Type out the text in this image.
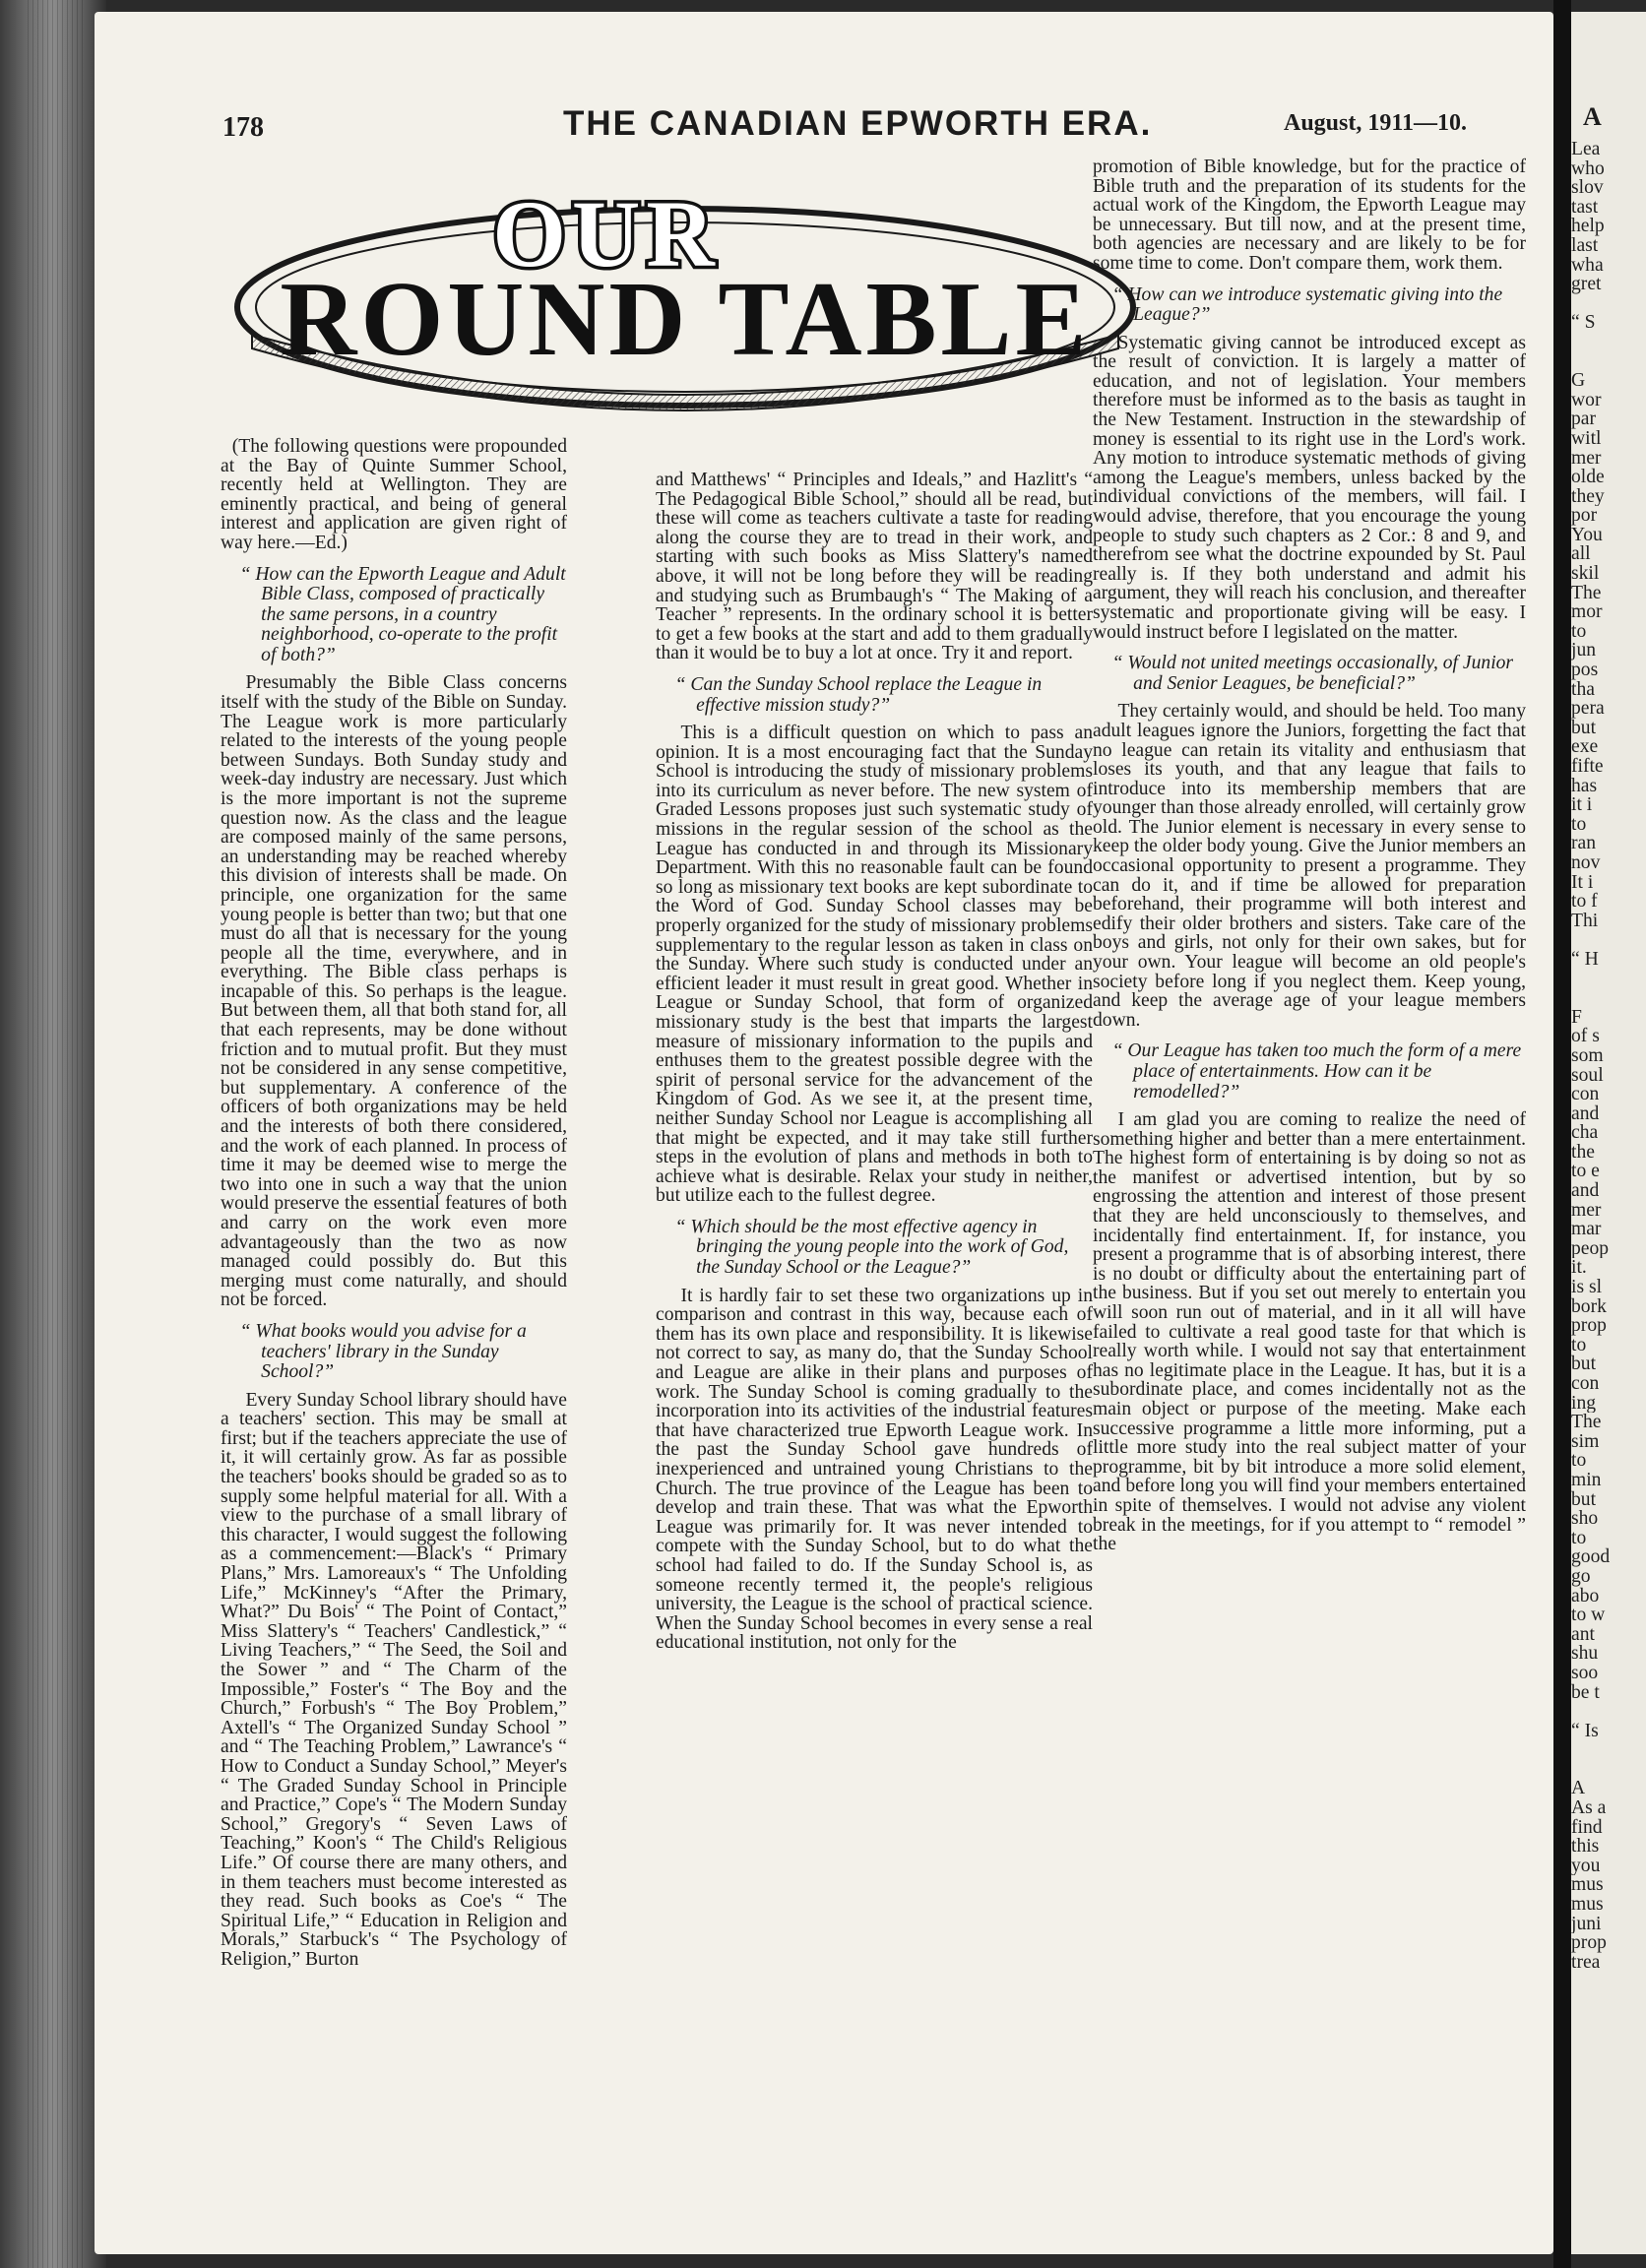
178	THE CANADIAN EPWORTH ERA.	August, 1911—10.
OUR
ROUND TABLE

(The following questions were propounded at the Bay of Quinte Summer School, recently held at Wellington. They are eminently practical, and being of general interest and application are given right of way here.—Ed.)

“ How can the Epworth League and Adult Bible Class, composed of practically the same persons, in a country neighborhood, co-operate to the profit of both?”

Presumably the Bible Class concerns itself with the study of the Bible on Sunday. The League work is more particularly related to the interests of the young people between Sundays. Both Sunday study and week-day industry are necessary. Just which is the more important is not the supreme question now. As the class and the league are composed mainly of the same persons, an understanding may be reached whereby this division of interests shall be made. On principle, one organization for the same young people is better than two; but that one must do all that is necessary for the young people all the time, everywhere, and in everything. The Bible class perhaps is incapable of this. So perhaps is the league. But between them, all that both stand for, all that each represents, may be done without friction and to mutual profit. But they must not be considered in any sense competitive, but supplementary. A conference of the officers of both organizations may be held and the interests of both there considered, and the work of each planned. In process of time it may be deemed wise to merge the two into one in such a way that the union would preserve the essential features of both and carry on the work even more advantageously than the two as now managed could possibly do. But this merging must come naturally, and should not be forced.

“ What books would you advise for a teachers' library in the Sunday School?”

Every Sunday School library should have a teachers' section. This may be small at first; but if the teachers appreciate the use of it, it will certainly grow. As far as possible the teachers' books should be graded so as to supply some helpful material for all. With a view to the purchase of a small library of this character, I would suggest the following as a commencement:—Black's “ Primary Plans,” Mrs. Lamoreaux's “ The Unfolding Life,” McKinney's “After the Primary, What?” Du Bois' “ The Point of Contact,” Miss Slattery's “ Teachers' Candlestick,” “ Living Teachers,” “ The Seed, the Soil and the Sower ” and “ The Charm of the Impossible,” Foster's “ The Boy and the Church,” Forbush's “ The Boy Problem,” Axtell's “ The Organized Sunday School ” and “ The Teaching Problem,” Lawrance's “ How to Conduct a Sunday School,” Meyer's “ The Graded Sunday School in Principle and Practice,” Cope's “ The Modern Sunday School,” Gregory's “ Seven Laws of Teaching,” Koon's “ The Child's Religious Life.” Of course there are many others, and in them teachers must become interested as they read. Such books as Coe's “ The Spiritual Life,” “ Education in Religion and Morals,” Starbuck's “ The Psychology of Religion,” Burton

and Matthews' “ Principles and Ideals,” and Hazlitt's “ The Pedagogical Bible School,” should all be read, but these will come as teachers cultivate a taste for reading along the course they are to tread in their work, and starting with such books as Miss Slattery's named above, it will not be long before they will be reading and studying such as Brumbaugh's “ The Making of a Teacher ” represents. In the ordinary school it is better to get a few books at the start and add to them gradually than it would be to buy a lot at once. Try it and report.

“ Can the Sunday School replace the League in effective mission study?”

This is a difficult question on which to pass an opinion. It is a most encouraging fact that the Sunday School is introducing the study of missionary problems into its curriculum as never before. The new system of Graded Lessons proposes just such systematic study of missions in the regular session of the school as the League has conducted in and through its Missionary Department. With this no reasonable fault can be found so long as missionary text books are kept subordinate to the Word of God. Sunday School classes may be properly organized for the study of missionary problems supplementary to the regular lesson as taken in class on the Sunday. Where such study is conducted under an efficient leader it must result in great good. Whether in League or Sunday School, that form of organized missionary study is the best that imparts the largest measure of missionary information to the pupils and enthuses them to the greatest possible degree with the spirit of personal service for the advancement of the Kingdom of God. As we see it, at the present time, neither Sunday School nor League is accomplishing all that might be expected, and it may take still further steps in the evolution of plans and methods in both to achieve what is desirable. Relax your study in neither, but utilize each to the fullest degree.

“ Which should be the most effective agency in bringing the young people into the work of God, the Sunday School or the League?”

It is hardly fair to set these two organizations up in comparison and contrast in this way, because each of them has its own place and responsibility. It is likewise not correct to say, as many do, that the Sunday School and League are alike in their plans and purposes of work. The Sunday School is coming gradually to the incorporation into its activities of the industrial features that have characterized true Epworth League work. In the past the Sunday School gave hundreds of inexperienced and untrained young Christians to the Church. The true province of the League has been to develop and train these. That was what the Epworth League was primarily for. It was never intended to compete with the Sunday School, but to do what the school had failed to do. If the Sunday School is, as someone recently termed it, the people's religious university, the League is the school of practical science. When the Sunday School becomes in every sense a real educational institution, not only for the

promotion of Bible knowledge, but for the practice of Bible truth and the preparation of its students for the actual work of the Kingdom, the Epworth League may be unnecessary. But till now, and at the present time, both agencies are necessary and are likely to be for some time to come. Don't compare them, work them.

“ How can we introduce systematic giving into the League?”

Systematic giving cannot be introduced except as the result of conviction. It is largely a matter of education, and not of legislation. Your members therefore must be informed as to the basis as taught in the New Testament. Instruction in the stewardship of money is essential to its right use in the Lord's work. Any motion to introduce systematic methods of giving among the League's members, unless backed by the individual convictions of the members, will fail. I would advise, therefore, that you encourage the young people to study such chapters as 2 Cor.: 8 and 9, and therefrom see what the doctrine expounded by St. Paul really is. If they both understand and admit his argument, they will reach his conclusion, and thereafter systematic and proportionate giving will be easy. I would instruct before I legislated on the matter.

“ Would not united meetings occasionally, of Junior and Senior Leagues, be beneficial?”

They certainly would, and should be held. Too many adult leagues ignore the Juniors, forgetting the fact that no league can retain its vitality and enthusiasm that loses its youth, and that any league that fails to introduce into its membership members that are younger than those already enrolled, will certainly grow old. The Junior element is necessary in every sense to keep the older body young. Give the Junior members an occasional opportunity to present a programme. They can do it, and if time be allowed for preparation beforehand, their programme will both interest and edify their older brothers and sisters. Take care of the boys and girls, not only for their own sakes, but for your own. Your league will become an old people's society before long if you neglect them. Keep young, and keep the average age of your league members down.

“ Our League has taken too much the form of a mere place of entertainments. How can it be remodelled?”

I am glad you are coming to realize the need of something higher and better than a mere entertainment. The highest form of entertaining is by doing so not as the manifest or advertised intention, but by so engrossing the attention and interest of those present that they are held unconsciously to themselves, and incidentally find entertainment. If, for instance, you present a programme that is of absorbing interest, there is no doubt or difficulty about the entertaining part of the business. But if you set out merely to entertain you will soon run out of material, and in it all will have failed to cultivate a real good taste for that which is really worth while. I would not say that entertainment has no legitimate place in the League. It has, but it is a subordinate place, and comes incidentally not as the main object or purpose of the meeting. Make each successive programme a little more informing, put a little more study into the real subject matter of your programme, bit by bit introduce a more solid element, and before long you will find your members entertained in spite of themselves. I would not advise any violent break in the meetings, for if you attempt to “ remodel ” the

A
Lea
who
slov
tast
help
last
wha
gret
“ S
G
wor
par
witl
mer
olde
they
por
You
all
skil
The
mor
to
jun
pos
tha
pera
but
exe
fifte
has
it i
to
ran
nov
It i
to f
Thi
“ H
F
of s
som
soul
con
and
cha
the
to e
and
mer
mar
peop
it.
is sl
bork
prop
to
but
con
ing
The
sim
to
min
but
sho
to
good
go
abo
to w
ant
shu
soo
be t
“ Is
A
As a
find
this
you
mus
mus
juni
prop
trea
